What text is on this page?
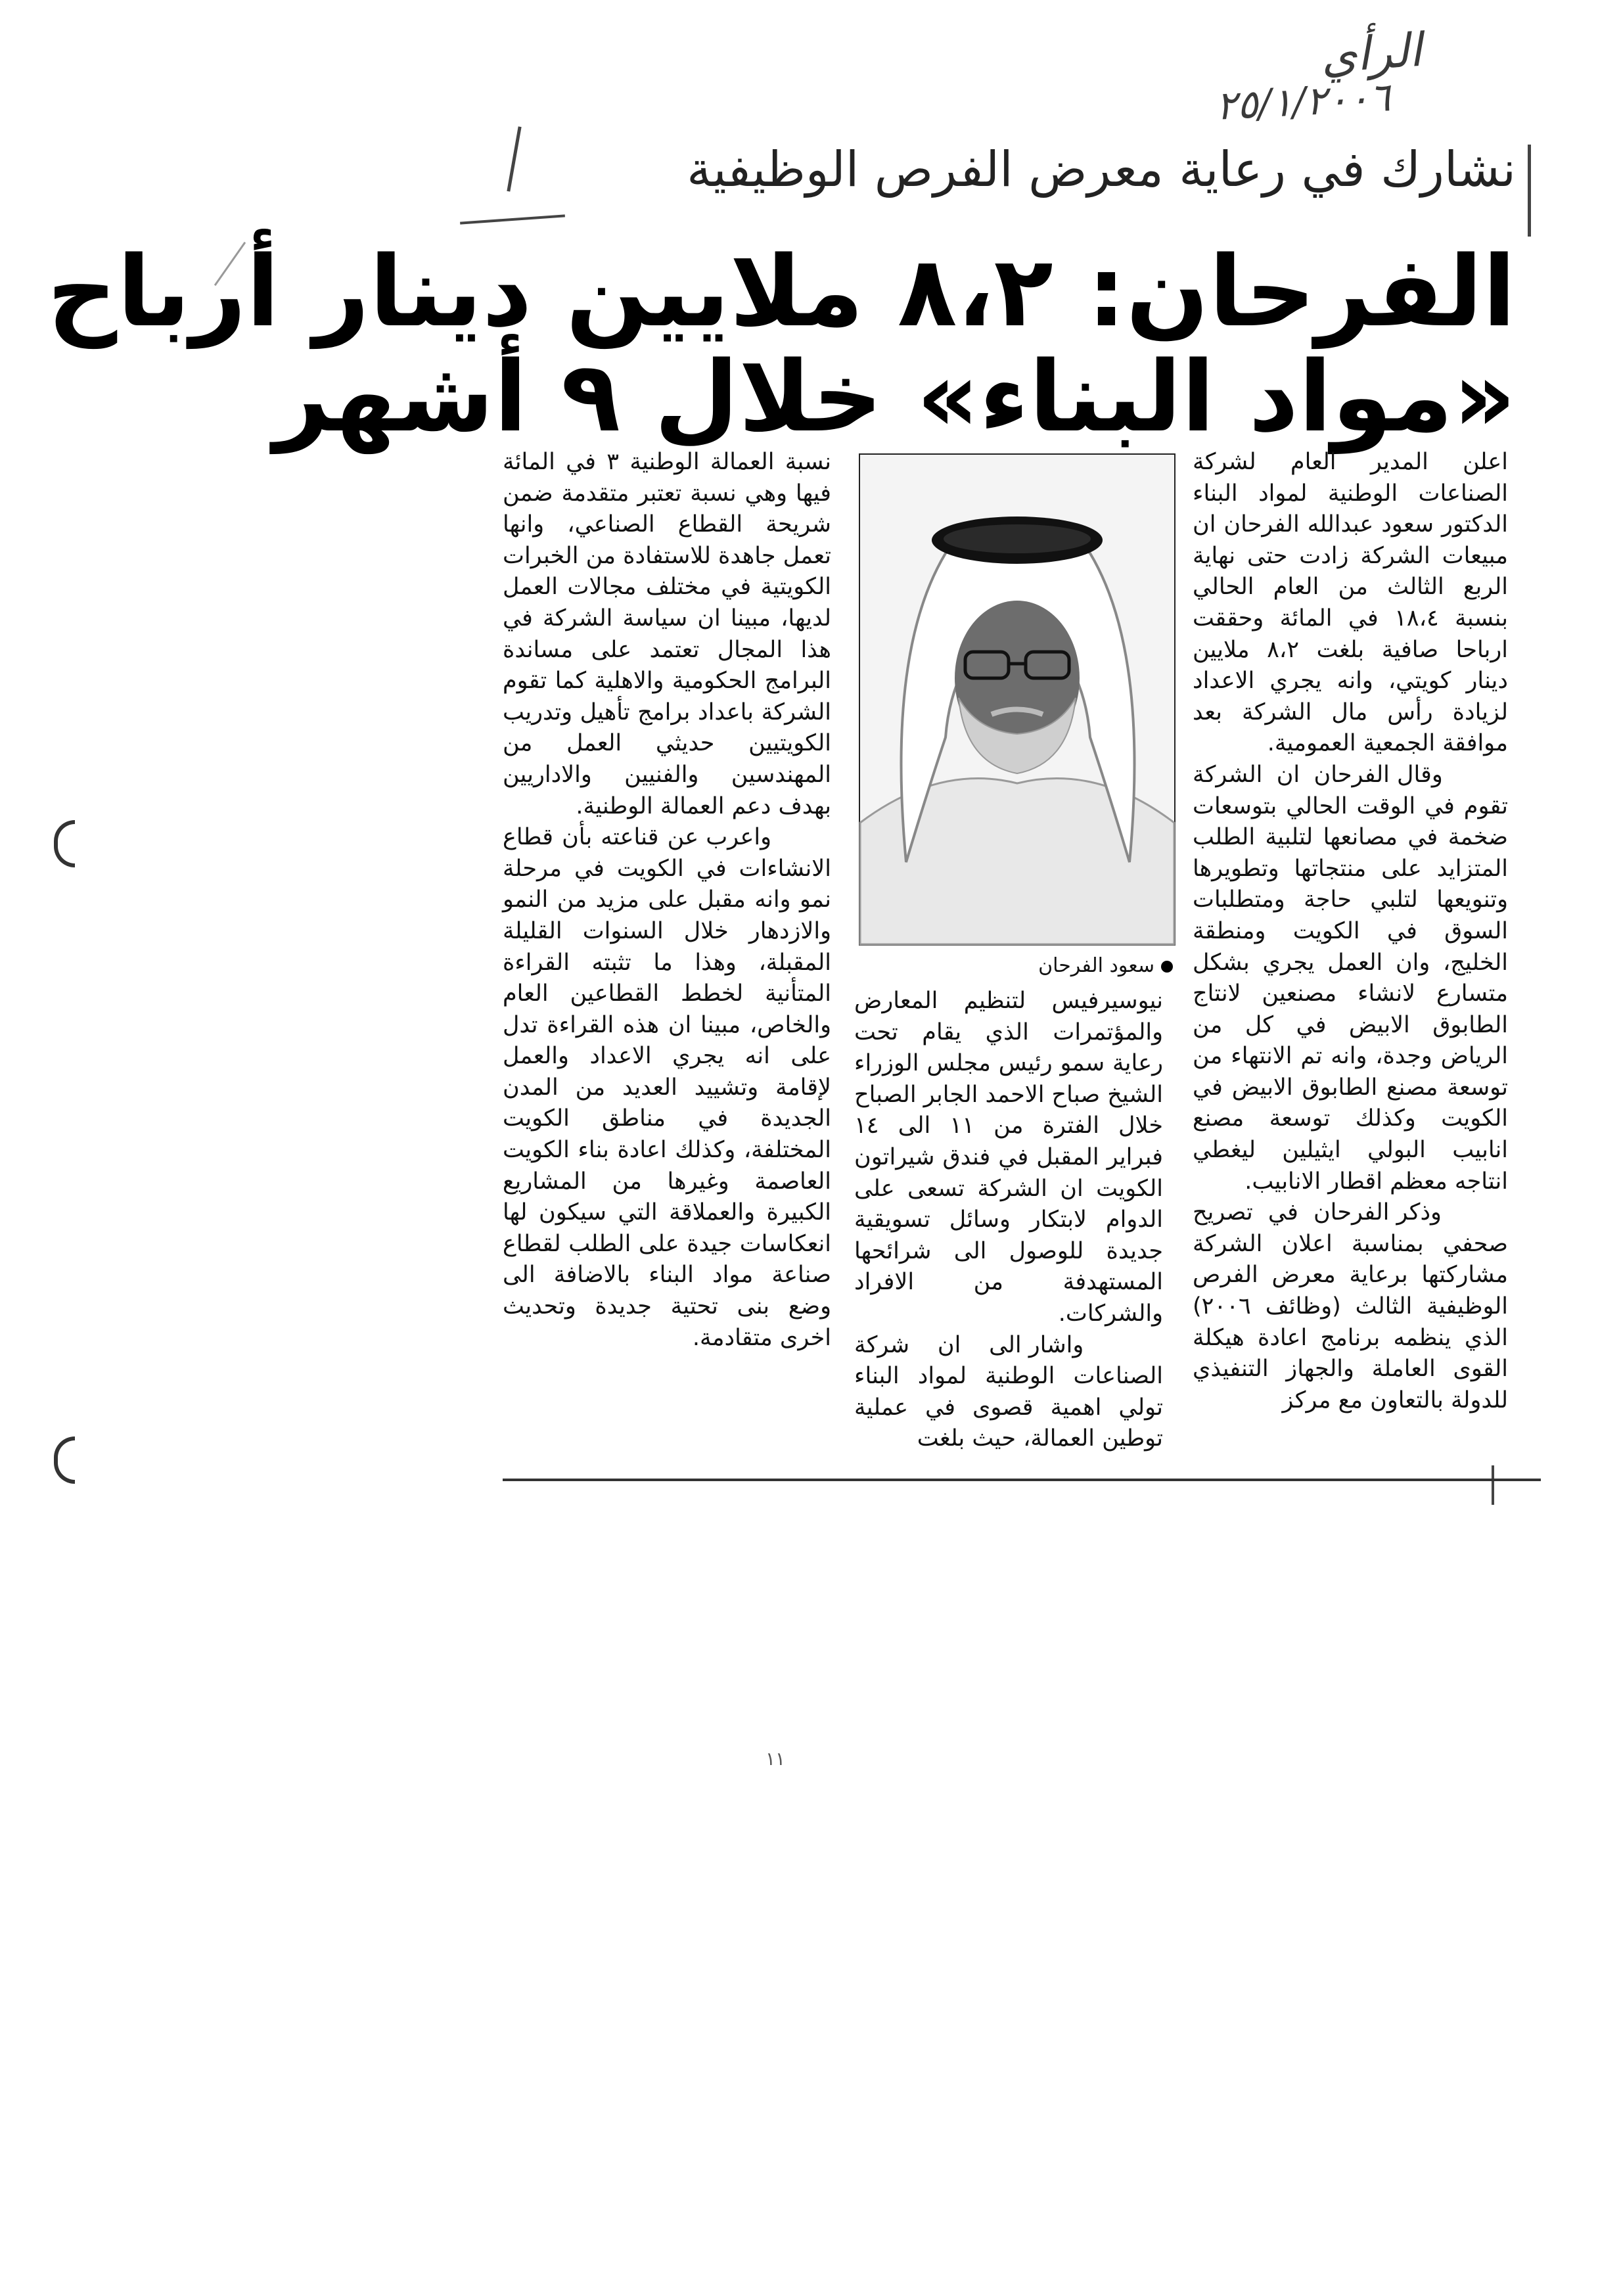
الرأي
٢٥/١/٢٠٠٦
نشارك في رعاية معرض الفرص الوظيفية
الفرحان: ٨،٢ ملايين دينار أرباح
«مواد البناء» خلال ٩ أشهر
اعلن المدير العام لشركة الصناعات الوطنية لمواد البناء الدكتور سعود عبدالله الفرحان ان مبيعات الشركة زادت حتى نهاية الربع الثالث من العام الحالي بنسبة ١٨،٤ في المائة وحققت ارباحا صافية بلغت ٨،٢ ملايين دينار كويتي، وانه يجري الاعداد لزيادة رأس مال الشركة بعد موافقة الجمعية العمومية.
	وقال الفرحان ان الشركة تقوم في الوقت الحالي بتوسعات ضخمة في مصانعها لتلبية الطلب المتزايد على منتجاتها وتطويرها وتنويعها لتلبي حاجة ومتطلبات السوق في الكويت ومنطقة الخليج، وان العمل يجري بشكل متسارع لانشاء مصنعين لانتاج الطابوق الابيض في كل من الرياض وجدة، وانه تم الانتهاء من توسعة مصنع الطابوق الابيض في الكويت وكذلك توسعة مصنع انابيب البولي ايثيلين ليغطي انتاجه معظم اقطار الانابيب.
	وذكر الفرحان في تصريح صحفي بمناسبة اعلان الشركة مشاركتها برعاية معرض الفرص الوظيفية الثالث (وظائف ٢٠٠٦) الذي ينظمه برنامج اعادة هيكلة القوى العاملة والجهاز التنفيذي للدولة بالتعاون مع مركز
سعود الفرحان
نيوسيرفيس لتنظيم المعارض والمؤتمرات الذي يقام تحت رعاية سمو رئيس مجلس الوزراء الشيخ صباح الاحمد الجابر الصباح خلال الفترة من ١١ الى ١٤ فبراير المقبل في فندق شيراتون الكويت ان الشركة تسعى على الدوام لابتكار وسائل تسويقية جديدة للوصول الى شرائحها المستهدفة من الافراد والشركات.
	واشار الى ان شركة الصناعات الوطنية لمواد البناء تولي اهمية قصوى في عملية توطين العمالة، حيث بلغت
نسبة العمالة الوطنية ٣ في المائة فيها وهي نسبة تعتبر متقدمة ضمن شريحة القطاع الصناعي، وانها تعمل جاهدة للاستفادة من الخبرات الكويتية في مختلف مجالات العمل لديها، مبينا ان سياسة الشركة في هذا المجال تعتمد على مساندة البرامج الحكومية والاهلية كما تقوم الشركة باعداد برامج تأهيل وتدريب الكويتيين حديثي العمل من المهندسين والفنيين والاداريين بهدف دعم العمالة الوطنية.
	واعرب عن قناعته بأن قطاع الانشاءات في الكويت في مرحلة نمو وانه مقبل على مزيد من النمو والازدهار خلال السنوات القليلة المقبلة، وهذا ما تثبته القراءة المتأنية لخطط القطاعين العام والخاص، مبينا ان هذه القراءة تدل على انه يجري الاعداد والعمل لإقامة وتشييد العديد من المدن الجديدة في مناطق الكويت المختلفة، وكذلك اعادة بناء الكويت العاصمة وغيرها من المشاريع الكبيرة والعملاقة التي سيكون لها انعكاسات جيدة على الطلب لقطاع صناعة مواد البناء بالاضافة الى وضع بنى تحتية جديدة وتحديث اخرى متقادمة.
١١
